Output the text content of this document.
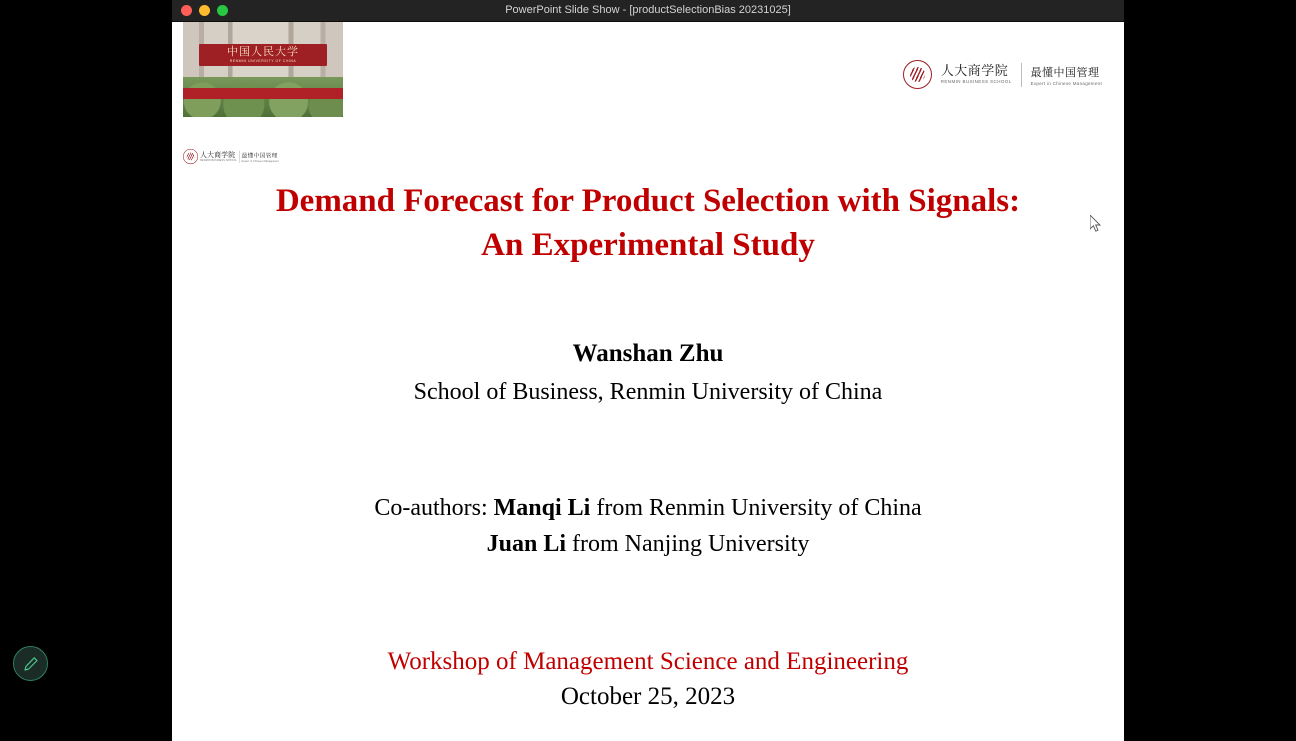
PowerPoint Slide Show - [productSelectionBias 20231025]
中国人民大学
RENMIN UNIVERSITY OF CHINA
人大商学院
RENMIN BUSINESS SCHOOL
最懂中国管理
Expert in Chinese Management
人大商学院
RENMIN BUSINESS SCHOOL
最懂中国管理
Expert in Chinese Management
Demand Forecast for Product Selection with Signals:
An Experimental Study
Wanshan Zhu
School of Business, Renmin University of China
Co-authors: Manqi Li from Renmin University of China
Juan Li from Nanjing University
Workshop of Management Science and Engineering
October 25, 2023
